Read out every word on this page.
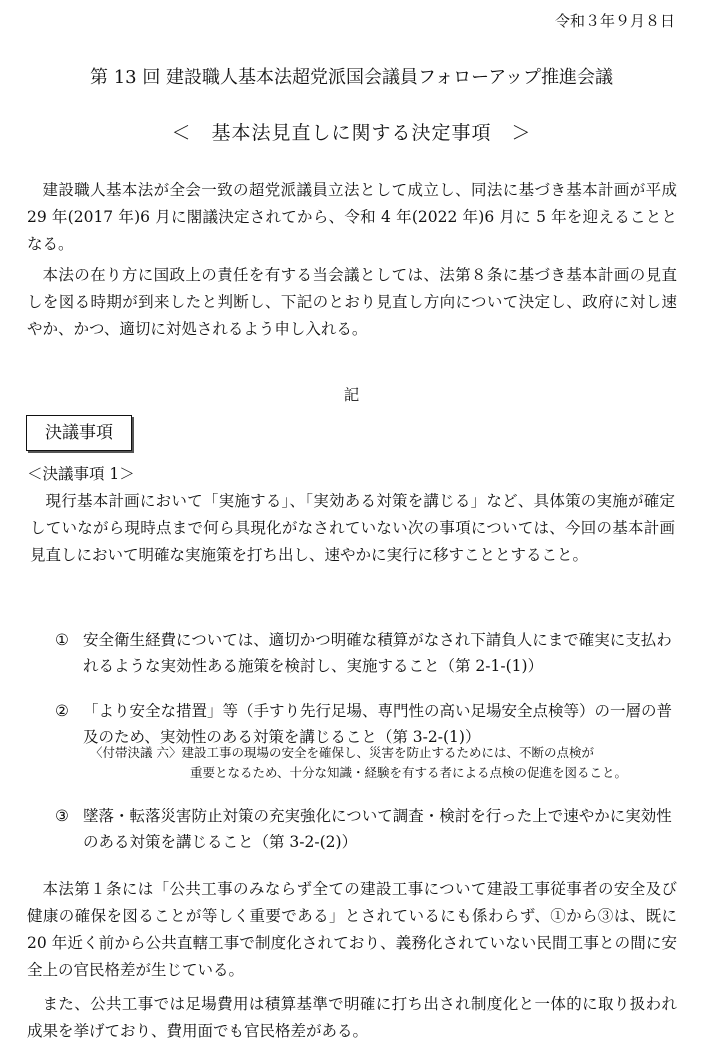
令和３年９月８日
第 13 回 建設職人基本法超党派国会議員フォローアップ推進会議
＜　基本法見直しに関する決定事項　＞
建設職人基本法が全会一致の超党派議員立法として成立し、同法に基づき基本計画が平成 29 年(2017 年)6 月に閣議決定されてから、令和 4 年(2022 年)6 月に 5 年を迎えることとなる。
本法の在り方に国政上の責任を有する当会議としては、法第８条に基づき基本計画の見直しを図る時期が到来したと判断し、下記のとおり見直し方向について決定し、政府に対し速やか、かつ、適切に対処されるよう申し入れる。
記
決議事項
＜決議事項 1＞
現行基本計画において「実施する」、「実効ある対策を講じる」など、具体策の実施が確定していながら現時点まで何ら具現化がなされていない次の事項については、今回の基本計画見直しにおいて明確な実施策を打ち出し、速やかに実行に移すこととすること。
① 安全衛生経費については、適切かつ明確な積算がなされ下請負人にまで確実に支払われるような実効性ある施策を検討し、実施すること（第 2-1-(1)）
② 「より安全な措置」等（手すり先行足場、専門性の高い足場安全点検等）の一層の普及のため、実効性のある対策を講じること（第 3-2-(1)）
〈付帯決議 六〉建設工事の現場の安全を確保し、災害を防止するためには、不断の点検が
重要となるため、十分な知識・経験を有する者による点検の促進を図ること。
③ 墜落・転落災害防止対策の充実強化について調査・検討を行った上で速やかに実効性のある対策を講じること（第 3-2-(2)）
本法第１条には「公共工事のみならず全ての建設工事について建設工事従事者の安全及び健康の確保を図ることが等しく重要である」とされているにも係わらず、①から③は、既に 20 年近く前から公共直轄工事で制度化されており、義務化されていない民間工事との間に安全上の官民格差が生じている。
また、公共工事では足場費用は積算基準で明確に打ち出され制度化と一体的に取り扱われ成果を挙げており、費用面でも官民格差がある。
